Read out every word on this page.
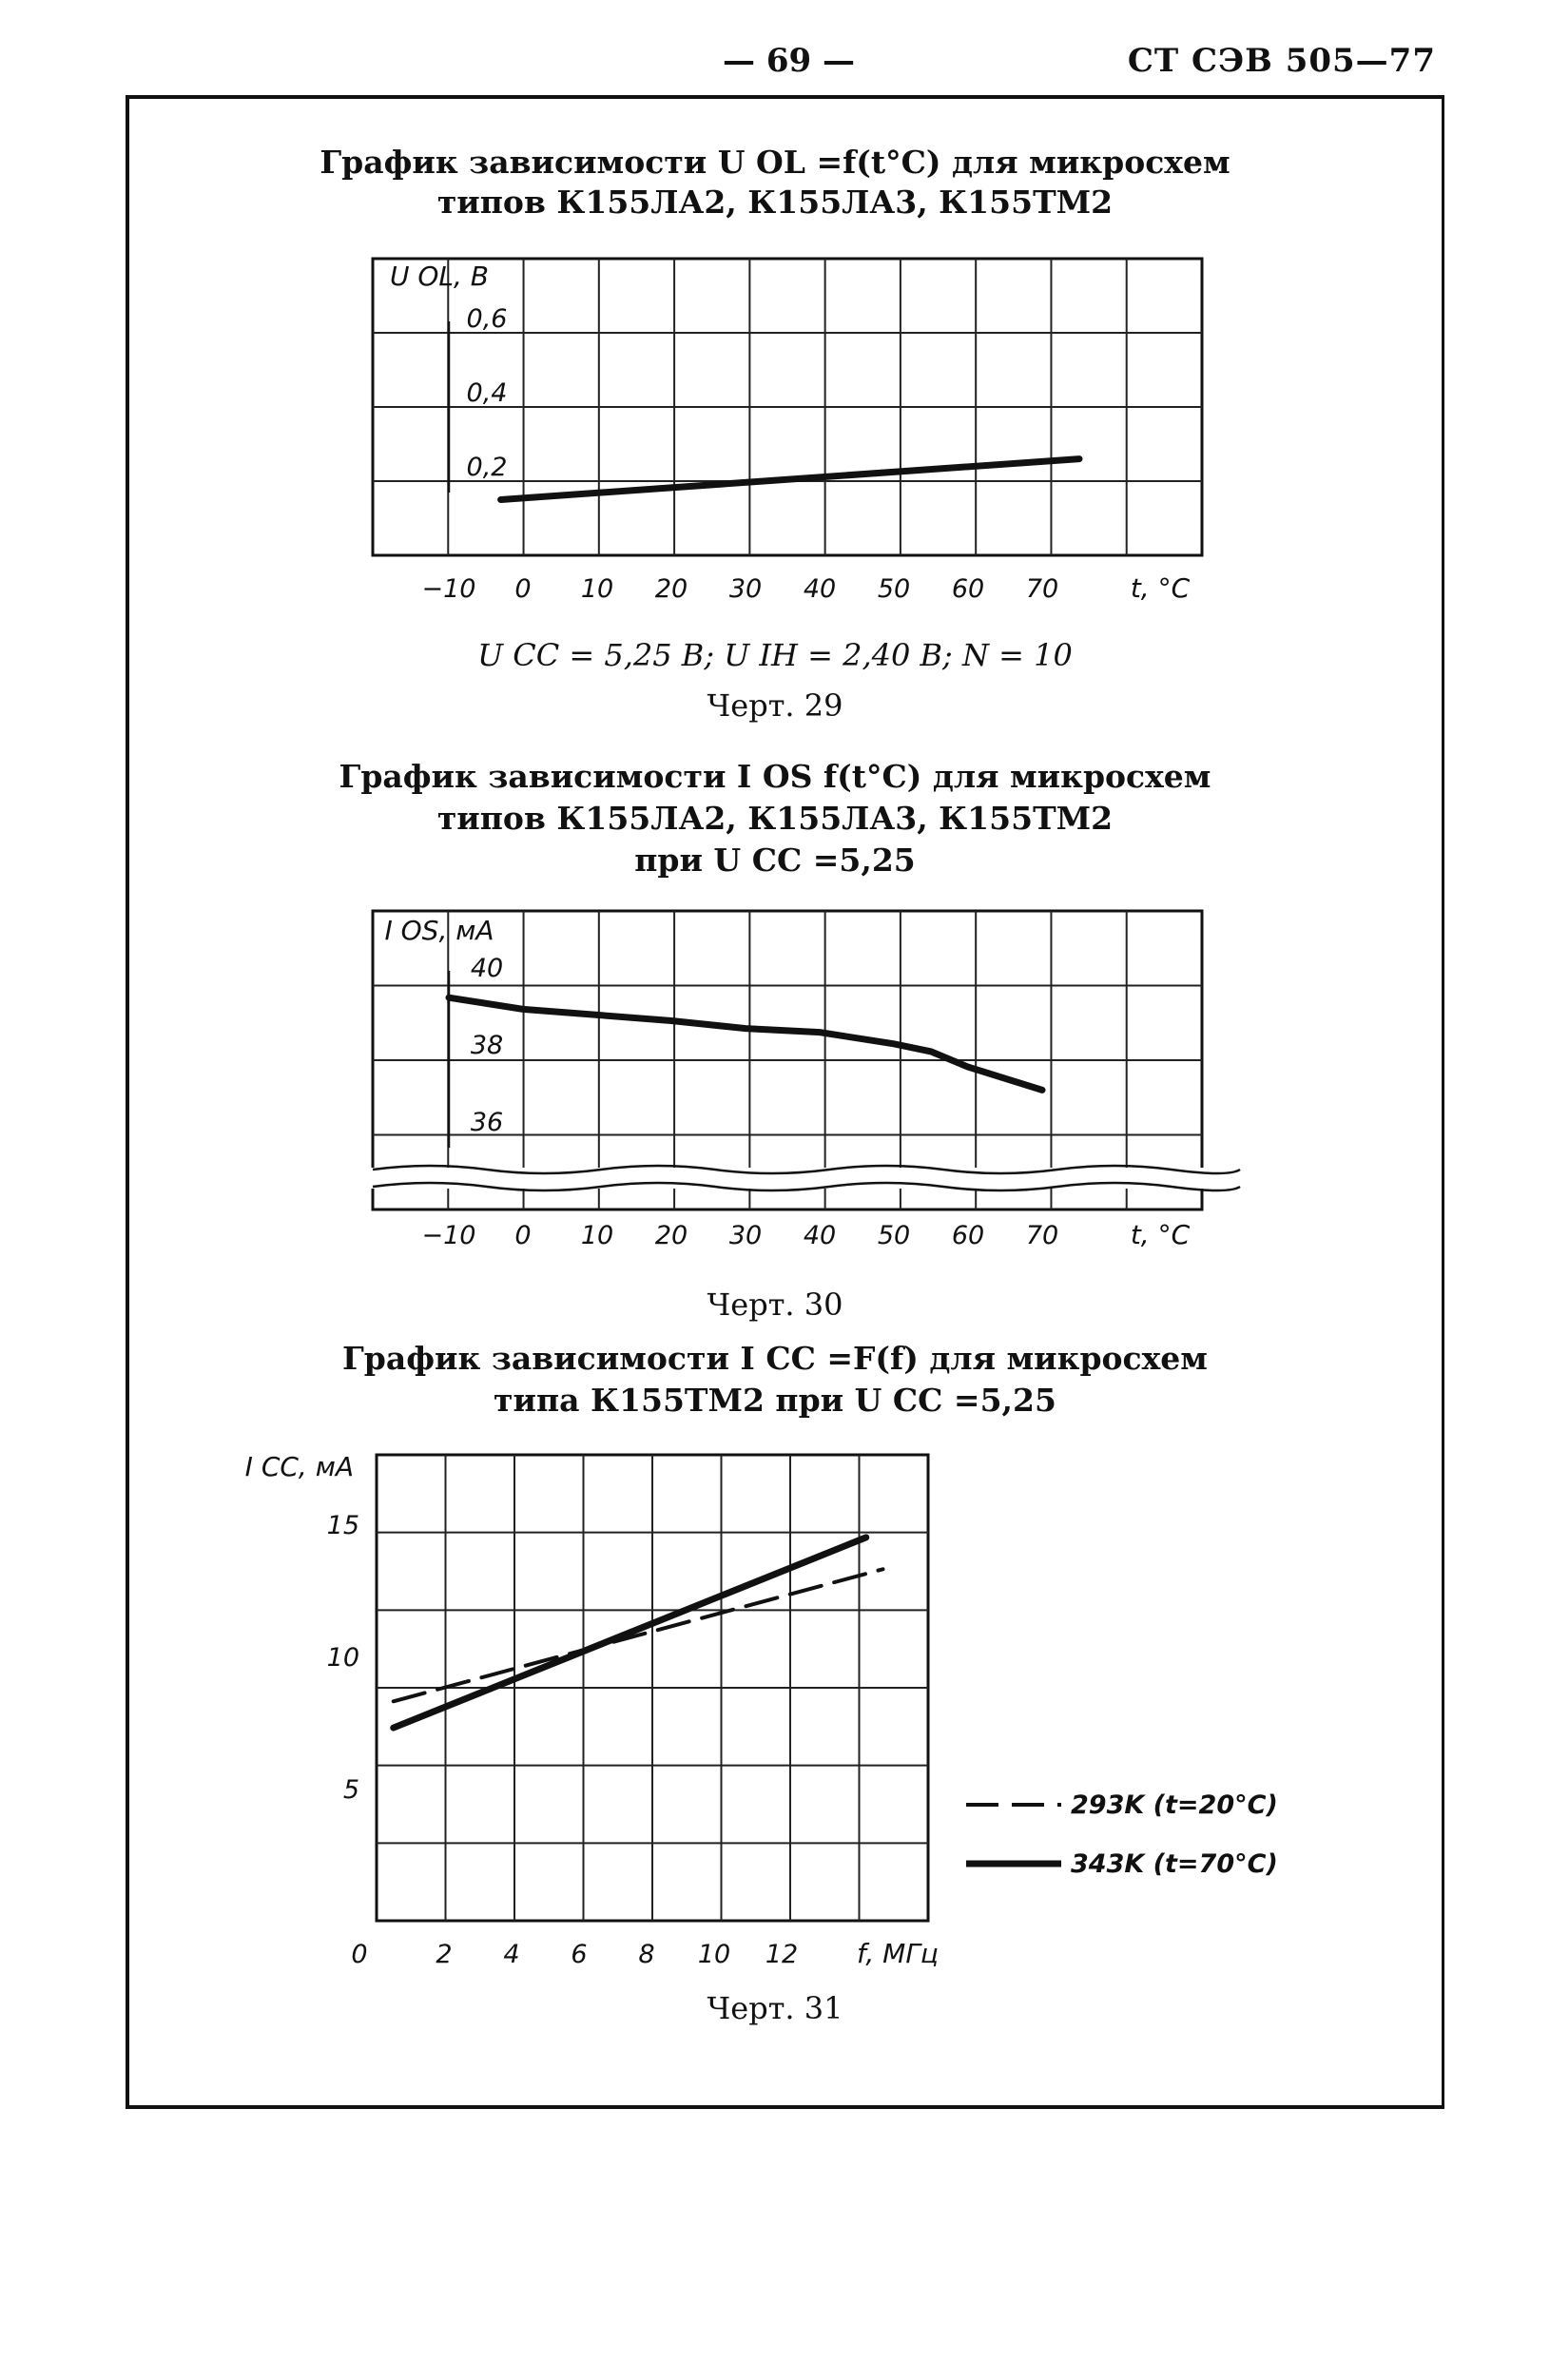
— 69 —	СТ СЭВ 505—77
График зависимости U OL =f(t°C) для микросхем
типов К155ЛА2, К155ЛА3, К155ТМ2
U CC = 5,25 В; U IH = 2,40 В; N = 10
Черт. 29
График зависимости I OS f(t°C) для микросхем
типов К155ЛА2, К155ЛА3, К155ТМ2
при U CC =5,25
Черт. 30
График зависимости I CC =F(f) для микросхем
типа К155ТМ2 при U CC =5,25
Черт. 31
−10 0 10 20 30 40 50 60 70	t, °C
0,2
0,4
0,6
U OL, В
−10 0 10 20 30 40 50 60 70	t, °C
36
38
40
I OS, мА
0	2 4 6 8 10 12 f, МГц
5
10
15
I CC, мА
293K (t=20°C)
343K (t=70°C)
